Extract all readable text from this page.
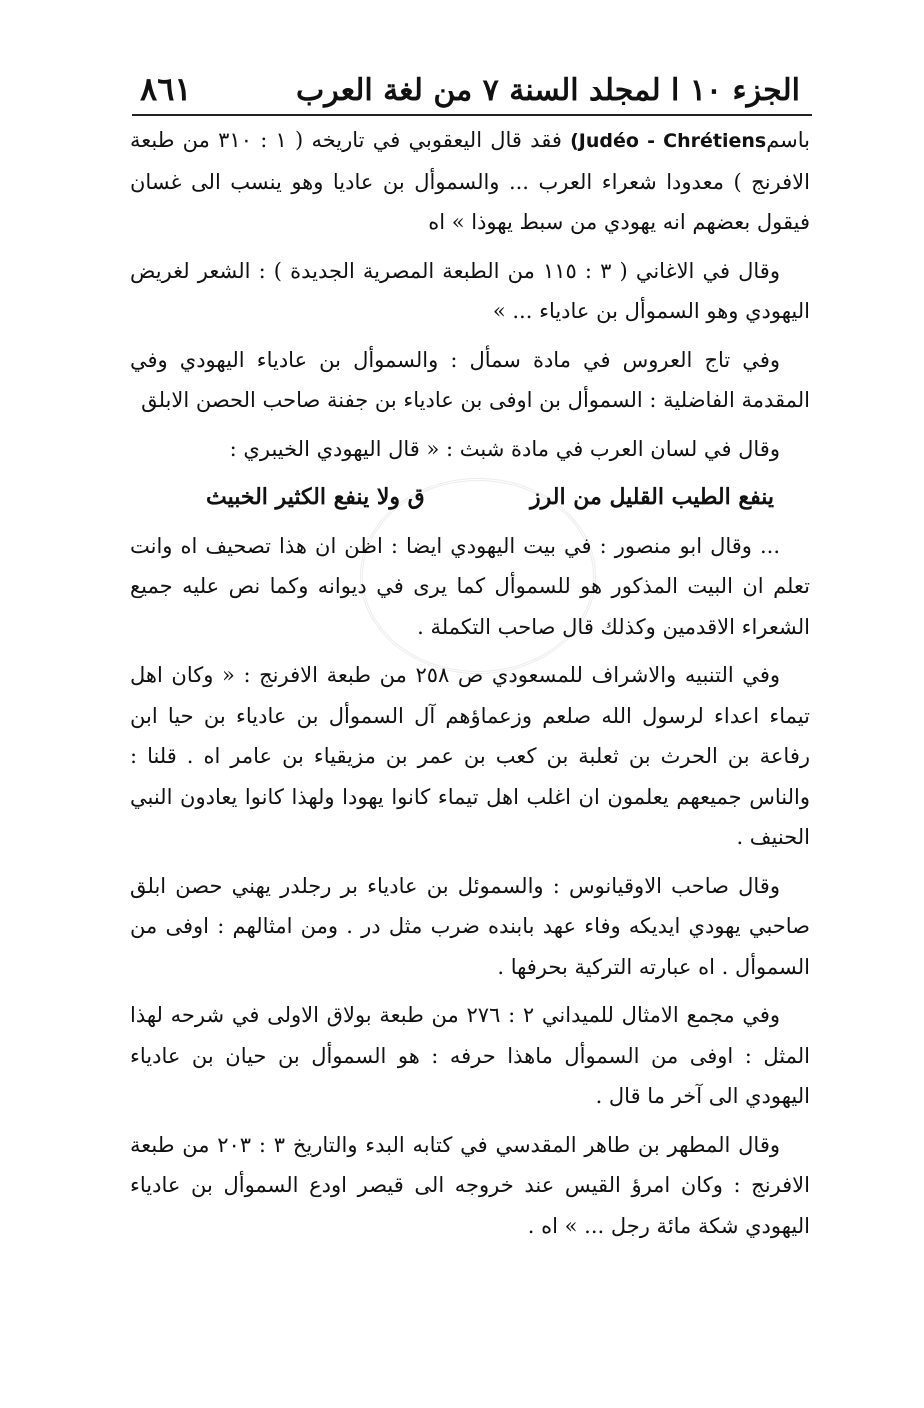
الجزء ١٠ ا لمجلد السنة ٧ من لغة العرب
٨٦١

باسم(Judéo - Chrétiens فقد قال اليعقوبي في تاريخه ( ١ : ٣١٠ من طبعة الافرنج ) معدودا شعراء العرب ... والسموأل بن عاديا وهو ينسب الى غسان فيقول بعضهم انه يهودي من سبط يهوذا » اه

وقال في الاغاني ( ٣ : ١١٥ من الطبعة المصرية الجديدة ) : الشعر لغريض اليهودي وهو السموأل بن عادياء ... »

وفي تاج العروس في مادة سمأل : والسموأل بن عادياء اليهودي وفي المقدمة الفاضلية : السموأل بن اوفى بن عادياء بن جفنة صاحب الحصن الابلق

وقال في لسان العرب في مادة شبث : « قال اليهودي الخيبري :

ينفع الطيب القليل من الرز
ق ولا ينفع الكثير الخبيث

... وقال ابو منصور : في بيت اليهودي ايضا : اظن ان هذا تصحيف اه وانت تعلم ان البيت المذكور هو للسموأل كما يرى في ديوانه وكما نص عليه جميع الشعراء الاقدمين وكذلك قال صاحب التكملة .

وفي التنبيه والاشراف للمسعودي ص ٢٥٨ من طبعة الافرنج : « وكان اهل تيماء اعداء لرسول الله صلعم وزعماؤهم آل السموأل بن عادياء بن حيا ابن رفاعة بن الحرث بن ثعلبة بن كعب بن عمر بن مزيقياء بن عامر اه . قلنا : والناس جميعهم يعلمون ان اغلب اهل تيماء كانوا يهودا ولهذا كانوا يعادون النبي الحنيف .

وقال صاحب الاوقيانوس : والسموئل بن عادياء بر رجلدر يهني حصن ابلق صاحبي يهودي ايديكه وفاء عهد بابنده ضرب مثل در . ومن امثالهم : اوفى من السموأل . اه عبارته التركية بحرفها .

وفي مجمع الامثال للميداني ٢ : ٢٧٦ من طبعة بولاق الاولى في شرحه لهذا المثل : اوفى من السموأل ماهذا حرفه : هو السموأل بن حيان بن عادياء اليهودي الى آخر ما قال .

وقال المطهر بن طاهر المقدسي في كتابه البدء والتاريخ ٣ : ٢٠٣ من طبعة الافرنج : وكان امرؤ القيس عند خروجه الى قيصر اودع السموأل بن عادياء اليهودي شكة مائة رجل ... » اه .
